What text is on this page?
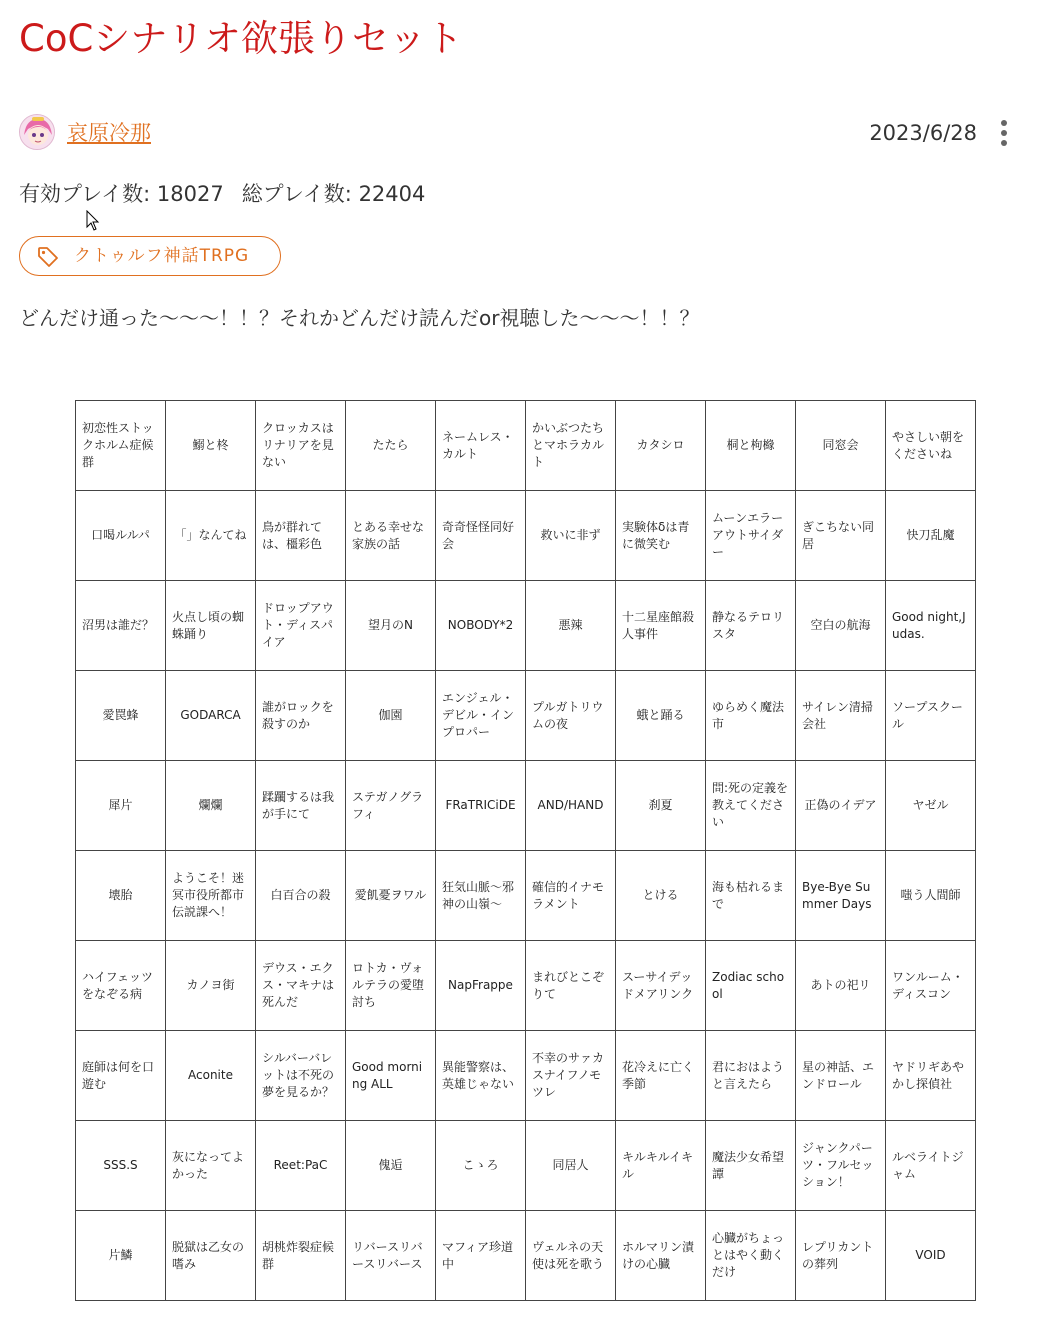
CoCシナリオ欲張りセット
哀原冷那	2023/6/28
有効プレイ数: 18027 総プレイ数: 22404
クトゥルフ神話TRPG
どんだけ通った〜〜〜！！？それかどんだけ読んだor視聴した〜〜〜！！？
初恋性ストックホルム症候群	鰯と柊	クロッカスはリナリアを見ない	たたら	ネームレス・カルト	かいぶつたちとマホラカルト	カタシロ	桐と枸櫞	同窓会	やさしい朝をくださいね
口喝ルルパ	「」なんてね	鳥が群れては、橿彩色	とある幸せな家族の話	奇奇怪怪同好会	救いに非ず	実験体δは青に微笑む	ムーンエラーアウトサイダー	ぎこちない同居	快刀乱魔
沼男は誰だ？	火点し頃の蜘蛛踊り	ドロップアウト・ディスパイア	望月のN	NOBODY*2	悪辣	十二星座館殺人事件	静なるテロリスタ	空白の航海	Good night,Judas.
愛罠蜂	GODARCA	誰がロックを殺すのか	伽園	エンジェル・デビル・インプロパー	プルガトリウムの夜	蛾と踊る	ゆらめく魔法市	サイレン清掃会社	ソープスクール
犀片	爛爛	蹂躙するは我が手にて	ステガノグラフィ	FRaTRICiDE	AND/HAND	刹夏	問:死の定義を教えてください	正偽のイデア	ヤゼル
壊胎	ようこそ！迷冥市役所都市伝説課へ！	白百合の殺	愛飢憂ヲワル	狂気山脈〜邪神の山嶺〜	確信的イナモラメント	とける	海も枯れるまで	Bye-Bye Summer Days	嗤う人間師
ハイフェッツをなぞる病	カノヨ街	デウス・エクス・マキナは死んだ	ロトカ・ヴォルテラの愛堕討ち	NapFrappe	まれびとこぞりて	スーサイデッドメアリンク	Zodiac school	あトの祀リ	ワンルーム・ディスコン
庭師は何を口遊む	Aconite	シルバーバレットは不死の夢を見るか？	Good morning ALL	異能警察は、英雄じゃない	不幸のサァカスナイフノモツレ	花冷えに亡く季節	君におはようと言えたら	星の神話、エンドロール	ヤドリギあやかし探偵社
SSS.S	灰になってよかった	Reet:PaC	傀逅	こゝろ	同居人	キルキルイキル	魔法少女希望譚	ジャンクパーツ・フルセッション！	ルベライトジャム
片鱗	脱獄は乙女の嗜み	胡桃炸裂症候群	リバースリバースリバース	マフィア珍道中	ヴェルネの天使は死を歌う	ホルマリン漬けの心臓	心臓がちょっとはやく動くだけ	レプリカントの葬列	VOID
